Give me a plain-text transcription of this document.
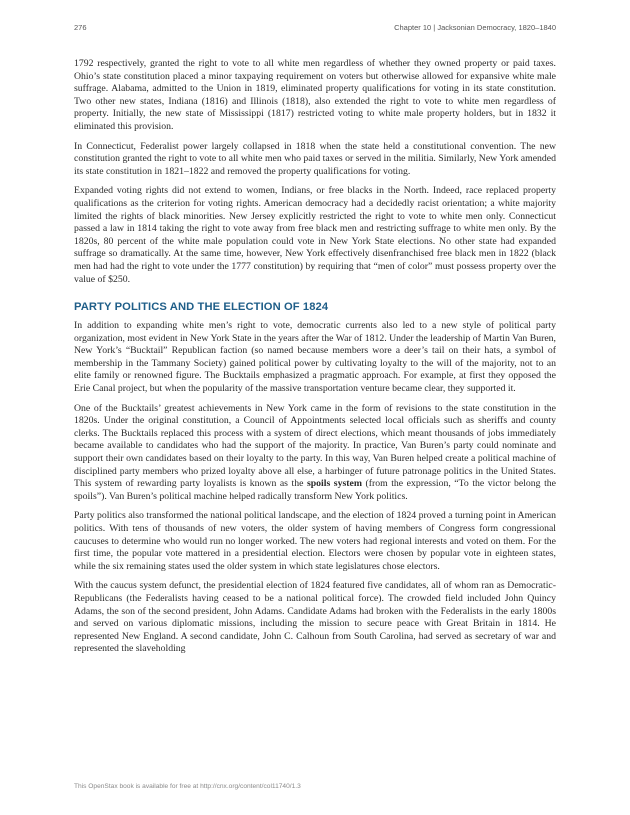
276	Chapter 10 | Jacksonian Democracy, 1820–1840

1792 respectively, granted the right to vote to all white men regardless of whether they owned property or paid taxes. Ohio’s state constitution placed a minor taxpaying requirement on voters but otherwise allowed for expansive white male suffrage. Alabama, admitted to the Union in 1819, eliminated property qualifications for voting in its state constitution. Two other new states, Indiana (1816) and Illinois (1818), also extended the right to vote to white men regardless of property. Initially, the new state of Mississippi (1817) restricted voting to white male property holders, but in 1832 it eliminated this provision.

In Connecticut, Federalist power largely collapsed in 1818 when the state held a constitutional convention. The new constitution granted the right to vote to all white men who paid taxes or served in the militia. Similarly, New York amended its state constitution in 1821–1822 and removed the property qualifications for voting.

Expanded voting rights did not extend to women, Indians, or free blacks in the North. Indeed, race replaced property qualifications as the criterion for voting rights. American democracy had a decidedly racist orientation; a white majority limited the rights of black minorities. New Jersey explicitly restricted the right to vote to white men only. Connecticut passed a law in 1814 taking the right to vote away from free black men and restricting suffrage to white men only. By the 1820s, 80 percent of the white male population could vote in New York State elections. No other state had expanded suffrage so dramatically. At the same time, however, New York effectively disenfranchised free black men in 1822 (black men had had the right to vote under the 1777 constitution) by requiring that “men of color” must possess property over the value of $250.

PARTY POLITICS AND THE ELECTION OF 1824

In addition to expanding white men’s right to vote, democratic currents also led to a new style of political party organization, most evident in New York State in the years after the War of 1812. Under the leadership of Martin Van Buren, New York’s “Bucktail” Republican faction (so named because members wore a deer’s tail on their hats, a symbol of membership in the Tammany Society) gained political power by cultivating loyalty to the will of the majority, not to an elite family or renowned figure. The Bucktails emphasized a pragmatic approach. For example, at first they opposed the Erie Canal project, but when the popularity of the massive transportation venture became clear, they supported it.

One of the Bucktails’ greatest achievements in New York came in the form of revisions to the state constitution in the 1820s. Under the original constitution, a Council of Appointments selected local officials such as sheriffs and county clerks. The Bucktails replaced this process with a system of direct elections, which meant thousands of jobs immediately became available to candidates who had the support of the majority. In practice, Van Buren’s party could nominate and support their own candidates based on their loyalty to the party. In this way, Van Buren helped create a political machine of disciplined party members who prized loyalty above all else, a harbinger of future patronage politics in the United States. This system of rewarding party loyalists is known as the spoils system (from the expression, “To the victor belong the spoils”). Van Buren’s political machine helped radically transform New York politics.

Party politics also transformed the national political landscape, and the election of 1824 proved a turning point in American politics. With tens of thousands of new voters, the older system of having members of Congress form congressional caucuses to determine who would run no longer worked. The new voters had regional interests and voted on them. For the first time, the popular vote mattered in a presidential election. Electors were chosen by popular vote in eighteen states, while the six remaining states used the older system in which state legislatures chose electors.

With the caucus system defunct, the presidential election of 1824 featured five candidates, all of whom ran as Democratic-Republicans (the Federalists having ceased to be a national political force). The crowded field included John Quincy Adams, the son of the second president, John Adams. Candidate Adams had broken with the Federalists in the early 1800s and served on various diplomatic missions, including the mission to secure peace with Great Britain in 1814. He represented New England. A second candidate, John C. Calhoun from South Carolina, had served as secretary of war and represented the slaveholding

This OpenStax book is available for free at http://cnx.org/content/col11740/1.3
